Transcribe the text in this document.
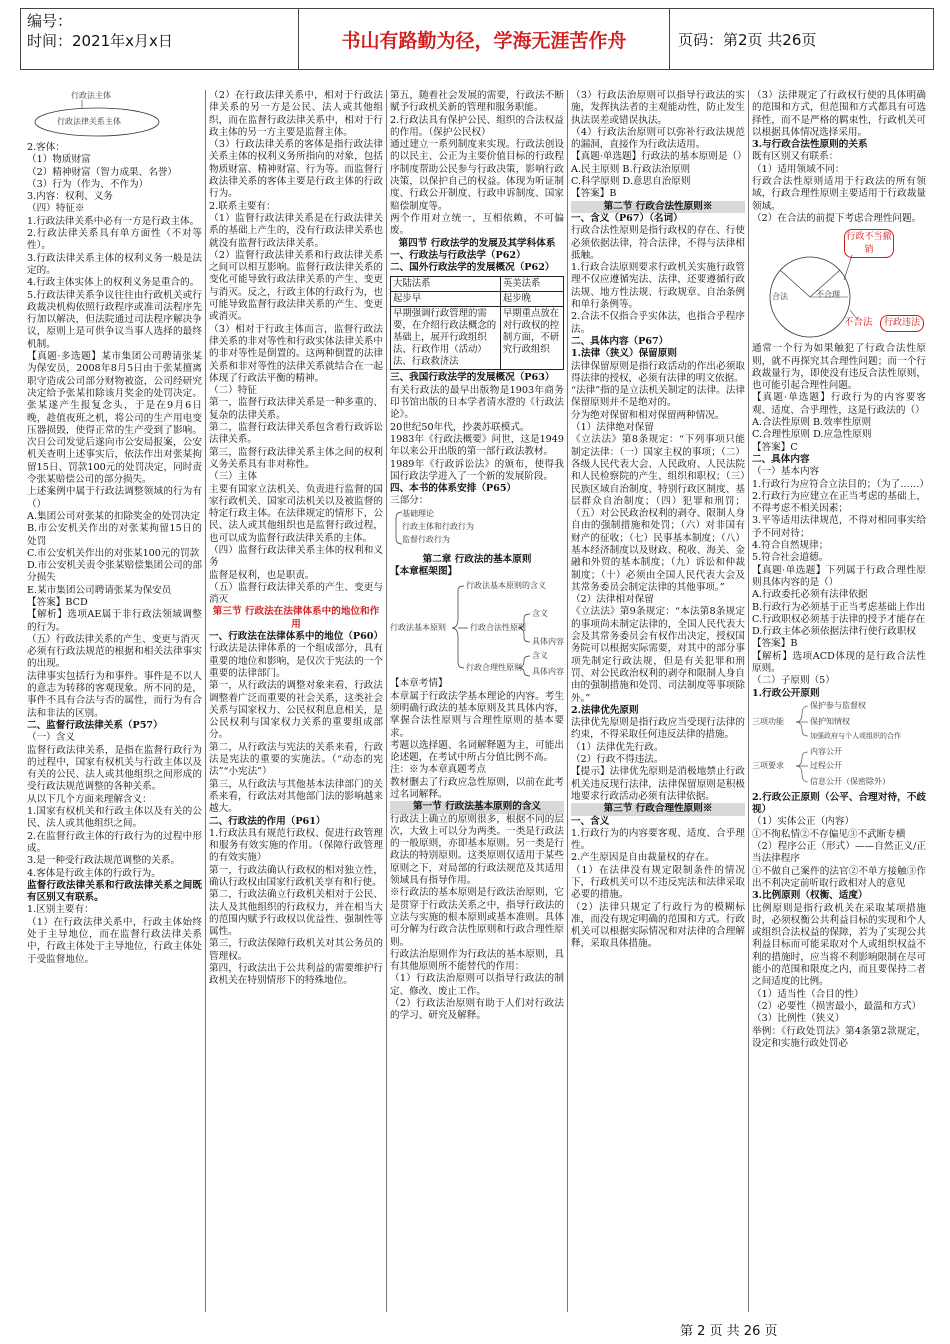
编号：
时间：2021年x月x日	书山有路勤为径，学海无涯苦作舟	页码：第2页 共26页
行政法主体
行政法律关系主体

2.客体：

（1）物质财富

（2）精神财富（智力成果、名誉）

（3）行为（作为、不作为）

3.内容：权利、义务

（四）特征※

1.行政法律关系中必有一方是行政主体。

2.行政法律关系具有单方面性（不对等性）。

3.行政法律关系主体的权利义务一般是法定的。

4.行政主体实体上的权利义务是重合的。

5.行政法律关系争议往往由行政机关或行政裁决机构依照行政程序或准司法程序先行加以解决，但法院通过司法程序解决争议，原则上是可供争议当事人选择的最终机制。

【真题·多选题】某市集团公司聘请张某为保安员，2008年8月5日由于张某擅离职守造成公司部分财物被盗，公司经研究决定给予张某扣除该月奖金的处罚决定。张某遂产生报复念头，于是在9月6日晚，趁值夜班之机，将公司的生产用电变压器损毁，使得正常的生产受到了影响。次日公司发觉后遂向市公安局报案，公安机关查明上述事实后，依法作出对张某拘留15日、罚款100元的处罚决定，同时责令张某赔偿公司的部分损失。

上述案例中属于行政法调整领域的行为有（）

A.集团公司对张某的扣除奖金的处罚决定

B.市公安机关作出的对张某拘留15日的处罚

C.市公安机关作出的对张某100元的罚款

D.市公安机关责令张某赔偿集团公司的部分损失

E.某市集团公司聘请张某为保安员

【答案】BCD

【解析】选项AE属于非行政法领域调整的行为。

（五）行政法律关系的产生、变更与消灭

必须有行政法规范的根据和相关法律事实的出现。

法律事实包括行为和事件。事件是不以人的意志为转移的客观现象。所不同的是，事件不具有合法与否的属性，而行为有合法和非法的区别。

二、监督行政法律关系（P57）

（一）含义

监督行政法律关系，是指在监督行政行为的过程中，国家有权机关与行政主体以及有关的公民、法人或其他组织之间形成的受行政法规范调整的各种关系。

从以下几个方面来理解含义：

1.国家有权机关和行政主体以及有关的公民、法人或其他组织之间。

2.在监督行政主体的行政行为的过程中形成。

3.是一种受行政法规范调整的关系。

4.客体是行政主体的行政行为。

监督行政法律关系和行政法律关系之间既有区别又有联系。

1.区别主要有：

（1）在行政法律关系中，行政主体始终处于主导地位，而在监督行政法律关系中，行政主体处于主导地位，行政主体处于受监督地位。

（2）在行政法律关系中，相对于行政法律关系的另一方是公民、法人或其他组织，而在监督行政法律关系中，相对于行政主体的另一方主要是监督主体。

（3）行政法律关系的客体是指行政法律关系主体的权利义务所指向的对象，包括物质财富、精神财富、行为等。而监督行政法律关系的客体主要是行政主体的行政行为。

2.联系主要有：

（1）监督行政法律关系是在行政法律关系的基础上产生的，没有行政法律关系也就没有监督行政法律关系。

（2）监督行政法律关系和行政法律关系之间可以相互影响。监督行政法律关系的变化可能导致行政法律关系的产生、变更与消灭。反之，行政主体的行政行为，也可能导致监督行政法律关系的产生、变更或消灭。

（3）相对于行政主体而言，监督行政法律关系的非对等性和行政实体法律关系中的非对等性是倒置的。这两种倒置的法律关系和非对等性的法律关系就结合在一起体现了行政法平衡的精神。

（二）特征

第一，监督行政法律关系是一种多重的、复杂的法律关系。

第二，监督行政法律关系包含着行政诉讼法律关系。

第三，监督行政法律关系主体之间的权利义务关系具有非对称性。

（三）主体

主要有国家立法机关、负责进行监督的国家行政机关、国家司法机关以及被监督的特定行政主体。在法律规定的情形下，公民、法人或其他组织也是监督行政过程，也可以成为监督行政法律关系的主体。

（四）监督行政法律关系主体的权利和义务

监督是权利，也是职责。

（五）监督行政法律关系的产生、变更与消灭

第三节 行政法在法律体系中的地位和作用

一、行政法在法律体系中的地位（P60）

行政法是法律体系的一个组成部分，具有重要的地位和影响，是仅次于宪法的一个重要的法律部门。

第一，从行政法的调整对象来看，行政法调整着广泛而重要的社会关系，这类社会关系与国家权力、公民权利息息相关，是公民权利与国家权力关系的重要组成部分。

第二，从行政法与宪法的关系来看，行政法是宪法的重要的实施法。（“动态的宪法”“小宪法”）

第三，从行政法与其他基本法律部门的关系来看，行政法对其他部门法的影响越来越大。

二、行政法的作用（P61）

1.行政法具有规范行政权、促进行政管理和服务有效实施的作用。（保障行政管理的有效实施）

第一，行政法确认行政权的相对独立性，确认行政权由国家行政机关享有和行使。

第二，行政法确立行政机关相对于公民、法人及其他组织的行政权力，并在相当大的范围内赋予行政权以优益性、强制性等属性。

第三，行政法保障行政机关对其公务员的管理权。

第四，行政法出于公共利益的需要维护行政机关在特别情形下的特殊地位。

第五，随着社会发展的需要，行政法不断赋予行政机关新的管理和服务职能。

2.行政法具有保护公民、组织的合法权益的作用。（保护公民权）

通过建立一系列制度来实现。行政法创设的以民主、公正为主要价值目标的行政程序制度帮助公民参与行政决策，影响行政决策，以保护自己的权益。体现为听证制度、行政公开制度、行政申诉制度、国家赔偿制度等。

两个作用对立统一，互相依赖，不可偏废。

第四节 行政法学的发展及其学科体系

一、行政法与行政法学（P62）

二、国外行政法学的发展概况（P62）

大陆法系	英美法系
起步早	起步晚
早期强调行政管理的需要，在介绍行政法概念的基础上，展开行政组织法、行政作用（活动）法、行政救济法	早期重点放在对行政权的控制方面，不研究行政组织

三、我国行政法学的发展概况（P63）

有关行政法的最早出版物是1903年商务印书馆出版的日本学者清水澄的《行政法论》。

20世纪50年代，抄袭苏联模式。

1983年《行政法概要》问世，这是1949年以来公开出版的第一部行政法教材。

1989年《行政诉讼法》的颁布，使得我国行政法学进入了一个新的发展阶段。

四、本书的体系安排（P65）

三部分：

基础理论
行政主体和行政行为
监督行政行为

第二章 行政法的基本原则

【本章框架图】

行政法基本原则
行政法基本原则的含义
行政合法性原则
行政合理性原则
含义
具体内容
含义
具体内容

【本章考情】

本章属于行政法学基本理论的内容。考生须明确行政法的基本原则及其具体内容，掌握合法性原则与合理性原则的基本要求。

考题以选择题、名词解释题为主，可能出论述题，在考试中所占分值比例不高。

注：※为本章真题考点

教材删去了行政应急性原则，以前在此考过名词解释。

第一节 行政法基本原则的含义

行政法上确立的原则很多，根据不同的层次，大致上可以分为两类。一类是行政法的一般原则，亦即基本原则。另一类是行政法的特别原则。这类原则仅适用于某些原则之下，对局部的行政法规范及其适用领域具有指导作用。

※行政法的基本原则是行政法治原则，它是贯穿于行政法关系之中，指导行政法的立法与实施的根本原则或基本准则。具体可分解为行政合法性原则和行政合理性原则。

行政法治原则作为行政法的基本原则，具有其他原则所不能替代的作用：

（1）行政法治原则可以指导行政法的制定、修改、废止工作。

（2）行政法治原则有助于人们对行政法的学习、研究及解释。

（3）行政法治原则可以指导行政法的实施，发挥执法者的主观能动性，防止发生执法误差或错误执法。

（4）行政法治原则可以弥补行政法规范的漏洞，直接作为行政法适用。

【真题·单选题】行政法的基本原则是（）

A.民主原则 B.行政法治原则

C.科学原则 D.意思自治原则

【答案】B

第二节 行政合法性原则※

一、含义（P67）（名词）

行政合法性原则是指行政权的存在、行使必须依据法律，符合法律，不得与法律相抵触。

1.行政合法原则要求行政机关实施行政管理不仅应遵循宪法、法律，还要遵循行政法规、地方性法规、行政规章、自治条例和单行条例等。

2.合法不仅指合乎实体法，也指合乎程序法。

二、具体内容（P67）

1.法律（狭义）保留原则

法律保留原则是指行政活动的作出必须取得法律的授权，必须有法律的明文依据。

“法律”指的是立法机关制定的法律。法律保留原则并不是绝对的。

分为绝对保留和相对保留两种情况。

（1）法律绝对保留

《立法法》第8条规定：“下列事项只能制定法律：（一）国家主权的事项；（二）各级人民代表大会、人民政府、人民法院和人民检察院的产生、组织和职权；（三）民族区域自治制度、特别行政区制度、基层群众自治制度；（四）犯罪和刑罚；（五）对公民政治权利的剥夺、限制人身自由的强制措施和处罚；（六）对非国有财产的征收；（七）民事基本制度；（八）基本经济制度以及财政、税收、海关、金融和外贸的基本制度；（九）诉讼和仲裁制度；（十）必须由全国人民代表大会及其常务委员会制定法律的其他事项。”

（2）法律相对保留

《立法法》第9条规定：“本法第8条规定的事项尚未制定法律的，全国人民代表大会及其常务委员会有权作出决定，授权国务院可以根据实际需要，对其中的部分事项先制定行政法规，但是有关犯罪和刑罚、对公民政治权利的剥夺和限制人身自由的强制措施和处罚、司法制度等事项除外。”

2.法律优先原则

法律优先原则是指行政应当受现行法律的约束，不得采取任何违反法律的措施。

（1）法律优先行政。

（2）行政不得违法。

【提示】法律优先原则是消极地禁止行政机关违反现行法律，法律保留原则是积极地要求行政活动必须有法律依据。

第三节 行政合理性原则※

一、含义

1.行政行为的内容要客观、适度、合乎理性。

2.产生原因是自由裁量权的存在。

（1）在法律没有规定限制条件的情况下，行政机关可以不违反宪法和法律采取必要的措施。

（2）法律只规定了行政行为的模糊标准，而没有规定明确的范围和方式。行政机关可以根据实际情况和对法律的合理解释，采取具体措施。

（3）法律规定了行政权行使的具体明确的范围和方式，但范围和方式都具有可选择性，而不是严格的羁束性，行政机关可以根据具体情况选择采用。

3.与行政合法性原则的关系

既有区别又有联系：

（1）适用领域不同：

行政合法性原则适用于行政法的所有领域，行政合理性原则主要适用于行政裁量领域。

（2）在合法的前提下考虑合理性问题。

合法	不合理
行政不当撤销
不合法	行政违法

通常一个行为如果触犯了行政合法性原则，就不再探究其合理性问题；而一个行政裁量行为，即使没有违反合法性原则，也可能引起合理性问题。

【真题·单选题】行政行为的内容要客观、适度、合乎理性，这是行政法的（）

A.合法性原则 B.效率性原则

C.合理性原则 D.应急性原则

【答案】C

二、具体内容

（一）基本内容

1.行政行为应符合立法目的；（为了……）

2.行政行为应建立在正当考虑的基础上，不得考虑不相关因素；

3.平等适用法律规范，不得对相同事实给予不同对待；

4.符合自然规律；

5.符合社会道德。

【真题·单选题】下列属于行政合理性原则具体内容的是（）

A.行政委托必须有法律依据

B.行政行为必须基于正当考虑基础上作出

C.行政职权必须基于法律的授予才能存在

D.行政主体必须依据法律行使行政职权

【答案】B

【解析】选项ACD体现的是行政合法性原则。

（二）子原则（5）

1.行政公开原则

三项功能
保护参与监督权
保护知情权
加强政府与个人或组织的合作
三项要求
内容公开
过程公开
信息公开（保密除外）

2.行政公正原则（公平、合理对待，不歧视）

（1）实体公正（内容）

①不徇私情②不存偏见③不武断专横

（2）程序公正（形式）——自然正义/正当法律程序

①不做自己案件的法官②不单方接触③作出不利决定前听取行政相对人的意见

3.比例原则（权衡、适度）

比例原则是指行政机关在采取某项措施时，必须权衡公共利益目标的实现和个人或组织合法权益的保障，若为了实现公共利益目标而可能采取对个人或组织权益不利的措施时，应当将不利影响限制在尽可能小的范围和限度之内，而且要保持二者之间适度的比例。

（1）适当性（合目的性）

（2）必要性（损害最小，最温和方式）

（3）比例性（狭义）

举例：《行政处罚法》第4条第2款规定，设定和实施行政处罚必

第 2 页 共 26 页
